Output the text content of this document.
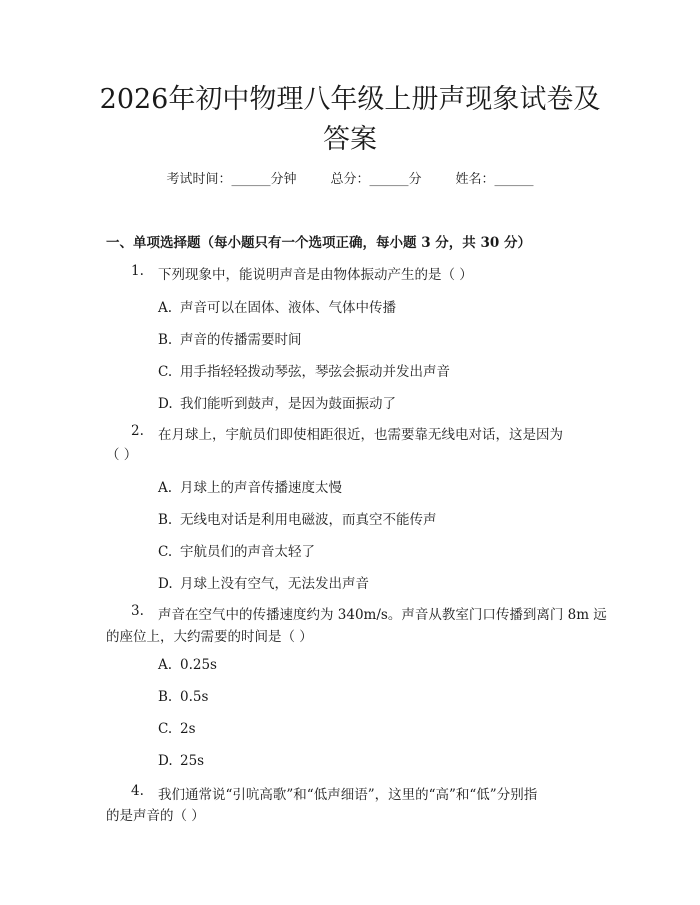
2026年初中物理八年级上册声现象试卷及答案
考试时间：______分钟	总分：______分	姓名：______
一、单项选择题（每小题只有一个选项正确，每小题 3 分，共 30 分）
1. 下列现象中，能说明声音是由物体振动产生的是（ ）
A. 声音可以在固体、液体、气体中传播
B. 声音的传播需要时间
C. 用手指轻轻拨动琴弦，琴弦会振动并发出声音
D. 我们能听到鼓声，是因为鼓面振动了
2. 在月球上，宇航员们即使相距很近，也需要靠无线电对话，这是因为
（ ）
A. 月球上的声音传播速度太慢
B. 无线电对话是利用电磁波，而真空不能传声
C. 宇航员们的声音太轻了
D. 月球上没有空气，无法发出声音
3. 声音在空气中的传播速度约为 340m/s。声音从教室门口传播到离门 8m 远
的座位上，大约需要的时间是（ ）
A. 0.25s
B. 0.5s
C. 2s
D. 25s
4. 我们通常说“引吭高歌”和“低声细语”，这里的“高”和“低”分别指
的是声音的（ ）
